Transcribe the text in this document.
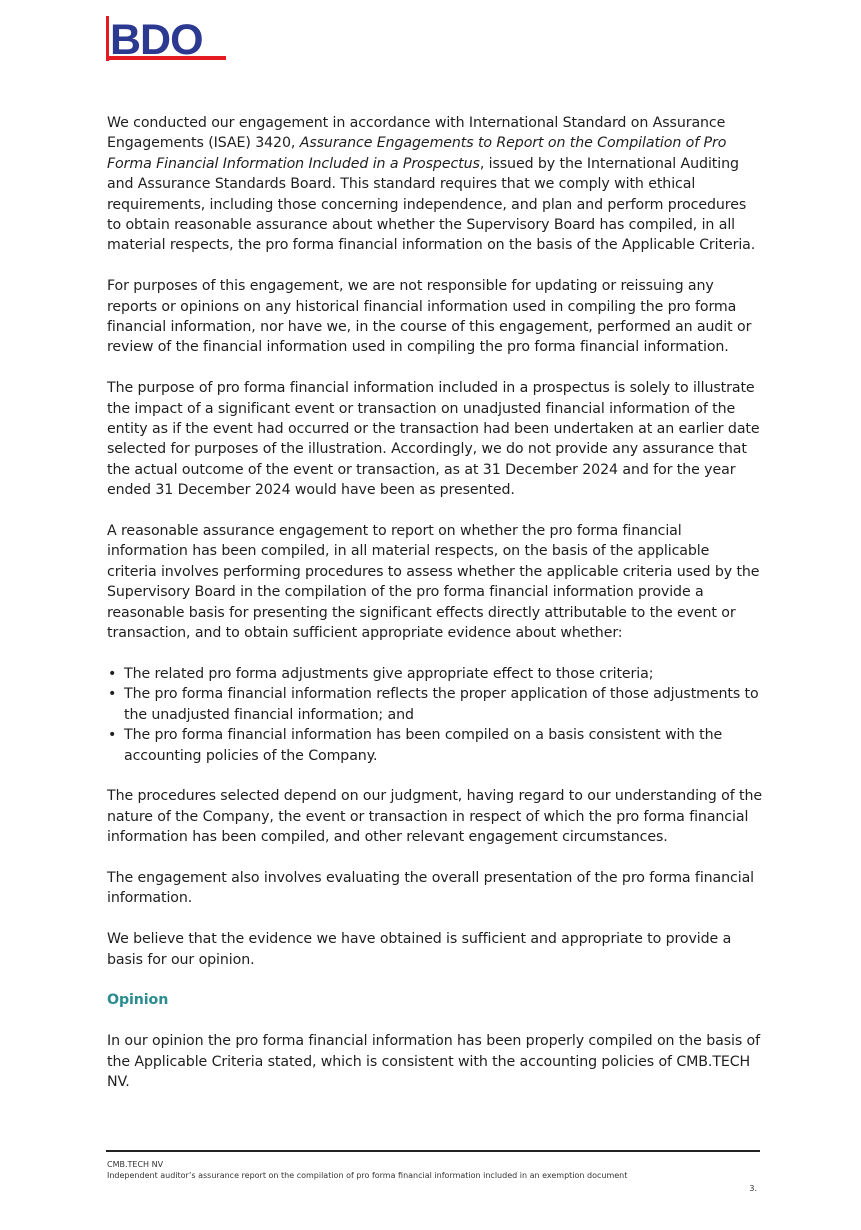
BDO

We conducted our engagement in accordance with International Standard on Assurance Engagements (ISAE) 3420, Assurance Engagements to Report on the Compilation of Pro Forma Financial Information Included in a Prospectus, issued by the International Auditing and Assurance Standards Board. This standard requires that we comply with ethical requirements, including those concerning independence, and plan and perform procedures to obtain reasonable assurance about whether the Supervisory Board has compiled, in all material respects, the pro forma financial information on the basis of the Applicable Criteria.

For purposes of this engagement, we are not responsible for updating or reissuing any reports or opinions on any historical financial information used in compiling the pro forma financial information, nor have we, in the course of this engagement, performed an audit or review of the financial information used in compiling the pro forma financial information.

The purpose of pro forma financial information included in a prospectus is solely to illustrate the impact of a significant event or transaction on unadjusted financial information of the entity as if the event had occurred or the transaction had been undertaken at an earlier date selected for purposes of the illustration. Accordingly, we do not provide any assurance that the actual outcome of the event or transaction, as at 31 December 2024 and for the year ended 31 December 2024 would have been as presented.

A reasonable assurance engagement to report on whether the pro forma financial information has been compiled, in all material respects, on the basis of the applicable criteria involves performing procedures to assess whether the applicable criteria used by the Supervisory Board in the compilation of the pro forma financial information provide a reasonable basis for presenting the significant effects directly attributable to the event or transaction, and to obtain sufficient appropriate evidence about whether:

• The related pro forma adjustments give appropriate effect to those criteria;
• The pro forma financial information reflects the proper application of those adjustments to the unadjusted financial information; and
• The pro forma financial information has been compiled on a basis consistent with the accounting policies of the Company.

The procedures selected depend on our judgment, having regard to our understanding of the nature of the Company, the event or transaction in respect of which the pro forma financial information has been compiled, and other relevant engagement circumstances.

The engagement also involves evaluating the overall presentation of the pro forma financial information.

We believe that the evidence we have obtained is sufficient and appropriate to provide a basis for our opinion.

Opinion

In our opinion the pro forma financial information has been properly compiled on the basis of the Applicable Criteria stated, which is consistent with the accounting policies of CMB.TECH NV.

CMB.TECH NV
Independent auditor’s assurance report on the compilation of pro forma financial information included in an exemption document
3.
